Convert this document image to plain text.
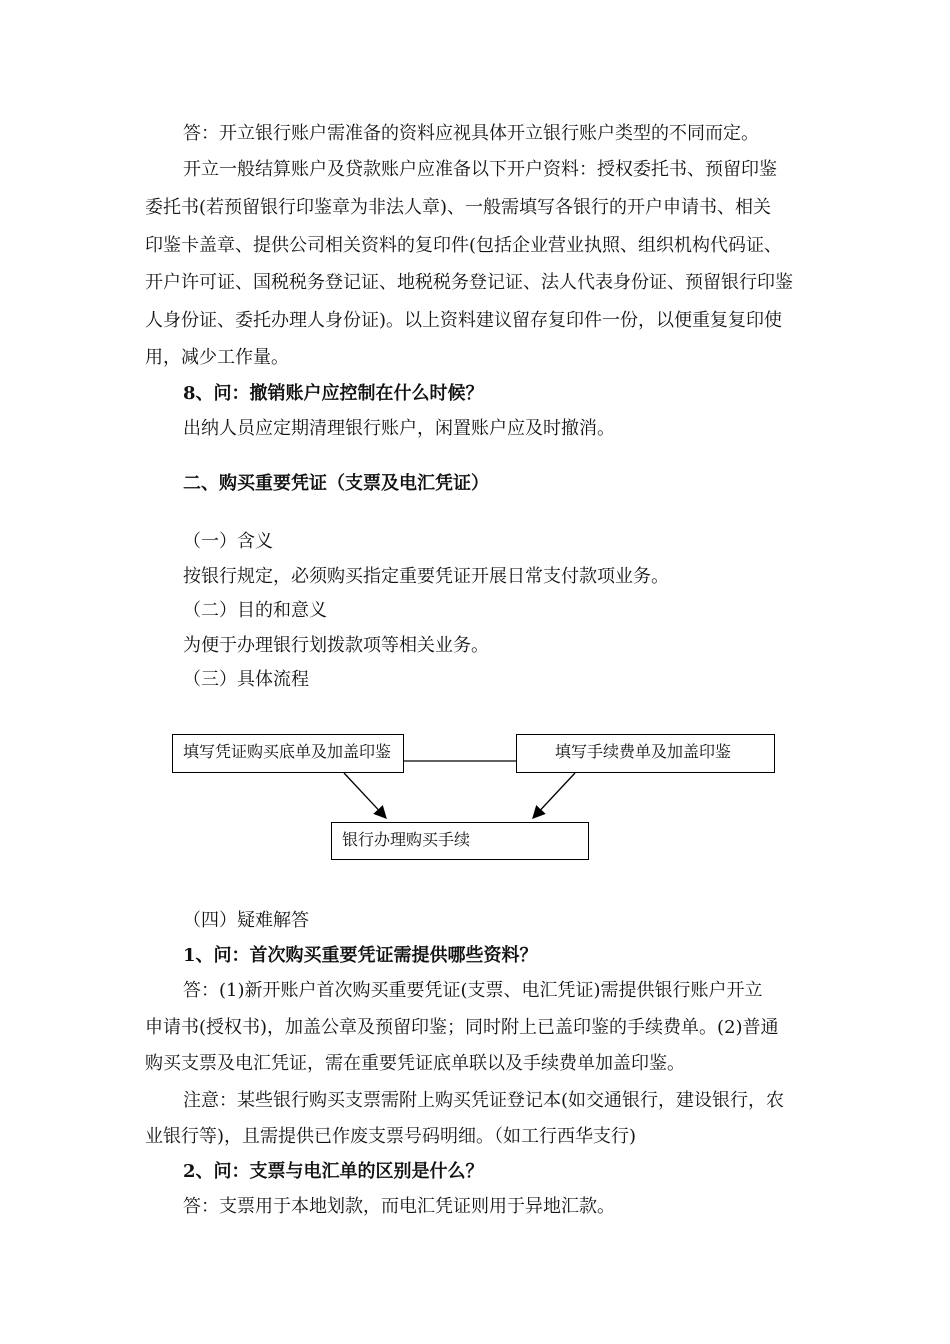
答：开立银行账户需准备的资料应视具体开立银行账户类型的不同而定。
开立一般结算账户及贷款账户应准备以下开户资料：授权委托书、预留印鉴
委托书(若预留银行印鉴章为非法人章)、一般需填写各银行的开户申请书、相关
印鉴卡盖章、提供公司相关资料的复印件(包括企业营业执照、组织机构代码证、
开户许可证、国税税务登记证、地税税务登记证、法人代表身份证、预留银行印鉴
人身份证、委托办理人身份证)。以上资料建议留存复印件一份，以便重复复印使
用，减少工作量。
8、问：撤销账户应控制在什么时候？
出纳人员应定期清理银行账户，闲置账户应及时撤消。
二、购买重要凭证（支票及电汇凭证）
（一）含义
按银行规定，必须购买指定重要凭证开展日常支付款项业务。
（二）目的和意义
为便于办理银行划拨款项等相关业务。
（三）具体流程
填写凭证购买底单及加盖印鉴	填写手续费单及加盖印鉴
银行办理购买手续
（四）疑难解答
1、问：首次购买重要凭证需提供哪些资料？
答：(1)新开账户首次购买重要凭证(支票、电汇凭证)需提供银行账户开立
申请书(授权书)，加盖公章及预留印鉴；同时附上已盖印鉴的手续费单。(2)普通
购买支票及电汇凭证，需在重要凭证底单联以及手续费单加盖印鉴。
注意：某些银行购买支票需附上购买凭证登记本(如交通银行，建设银行，农
业银行等)，且需提供已作废支票号码明细。（如工行西华支行)
2、问：支票与电汇单的区别是什么？
答：支票用于本地划款，而电汇凭证则用于异地汇款。
